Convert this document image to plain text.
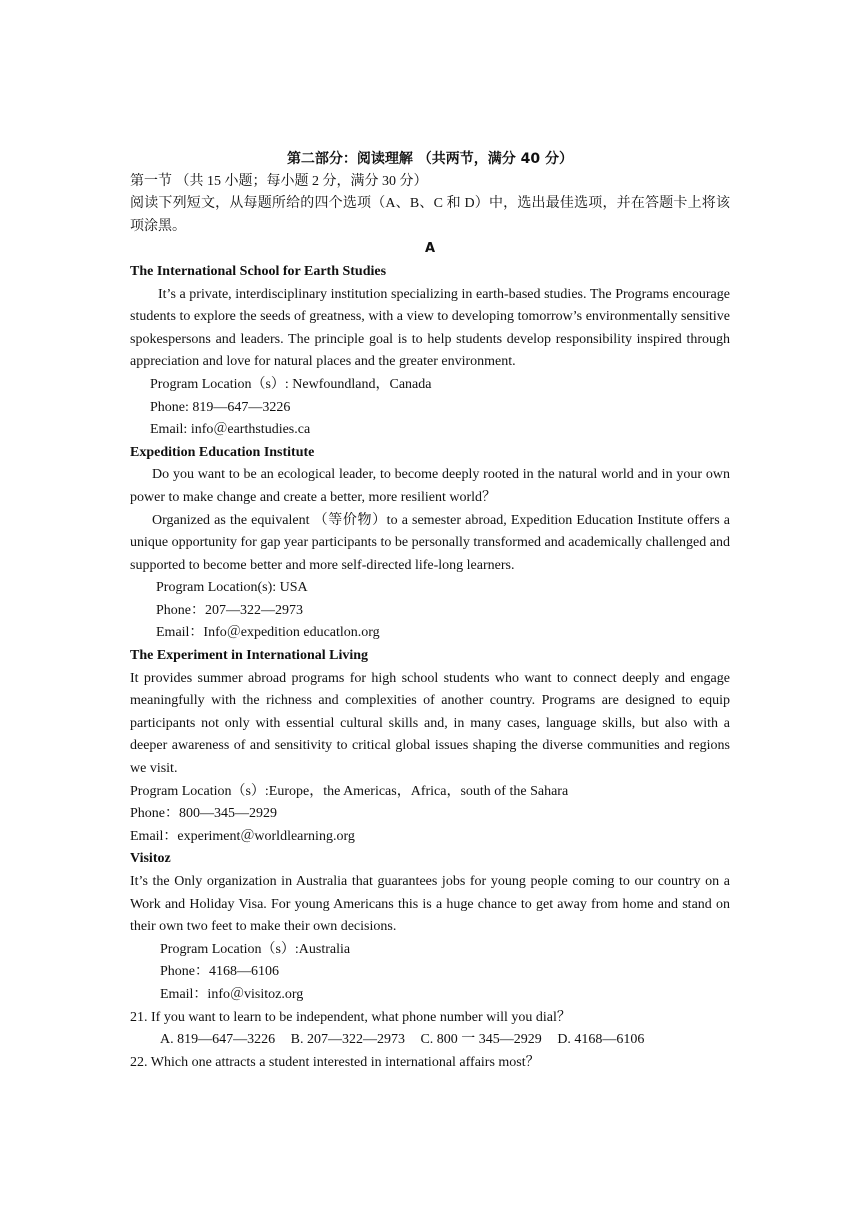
第二部分：阅读理解 （共两节，满分 40 分）
第一节 （共 15 小题；每小题 2 分，满分 30 分）

阅读下列短文，从每题所给的四个选项（A、B、C 和 D）中，选出最佳选项，并在答题卡上将该项涂黑。

A
The International School for Earth Studies

It’s a private, interdisciplinary institution specializing in earth-based studies. The Programs encourage students to explore the seeds of greatness, with a view to developing tomorrow’s environmentally sensitive spokespersons and leaders. The principle goal is to help students develop responsibility inspired through appreciation and love for natural places and the greater environment.

Program Location（s）: Newfoundland，Canada
Phone: 819—647—3226
Email: info＠earthstudies.ca
Expedition Education Institute

Do you want to be an ecological leader, to become deeply rooted in the natural world and in your own power to make change and create a better, more resilient world？

Organized as the equivalent （等价物）to a semester abroad, Expedition Education Institute offers a unique opportunity for gap year participants to be personally transformed and academically challenged and supported to become better and more self-directed life-long learners.

Program Location(s): USA
Phone：207—322—2973
Email：Info＠expedition educatlon.org
The Experiment in International Living

It provides summer abroad programs for high school students who want to connect deeply and engage meaningfully with the richness and complexities of another country. Programs are designed to equip participants not only with essential cultural skills and, in many cases, language skills, but also with a deeper awareness of and sensitivity to critical global issues shaping the diverse communities and regions we visit.

Program Location（s）:Europe，the Americas，Africa，south of the Sahara
Phone：800—345—2929
Email：experiment＠worldlearning.org
Visitoz

It’s the Only organization in Australia that guarantees jobs for young people coming to our country on a Work and Holiday Visa. For young Americans this is a huge chance to get away from home and stand on their own two feet to make their own decisions.

Program Location（s）:Australia
Phone：4168—6106
Email：info＠visitoz.org
21. If you want to learn to be independent, what phone number will you dial？
A. 819—647—3226 B. 207—322—2973 C. 800 一 345—2929 D. 4168—6106
22. Which one attracts a student interested in international affairs most？
